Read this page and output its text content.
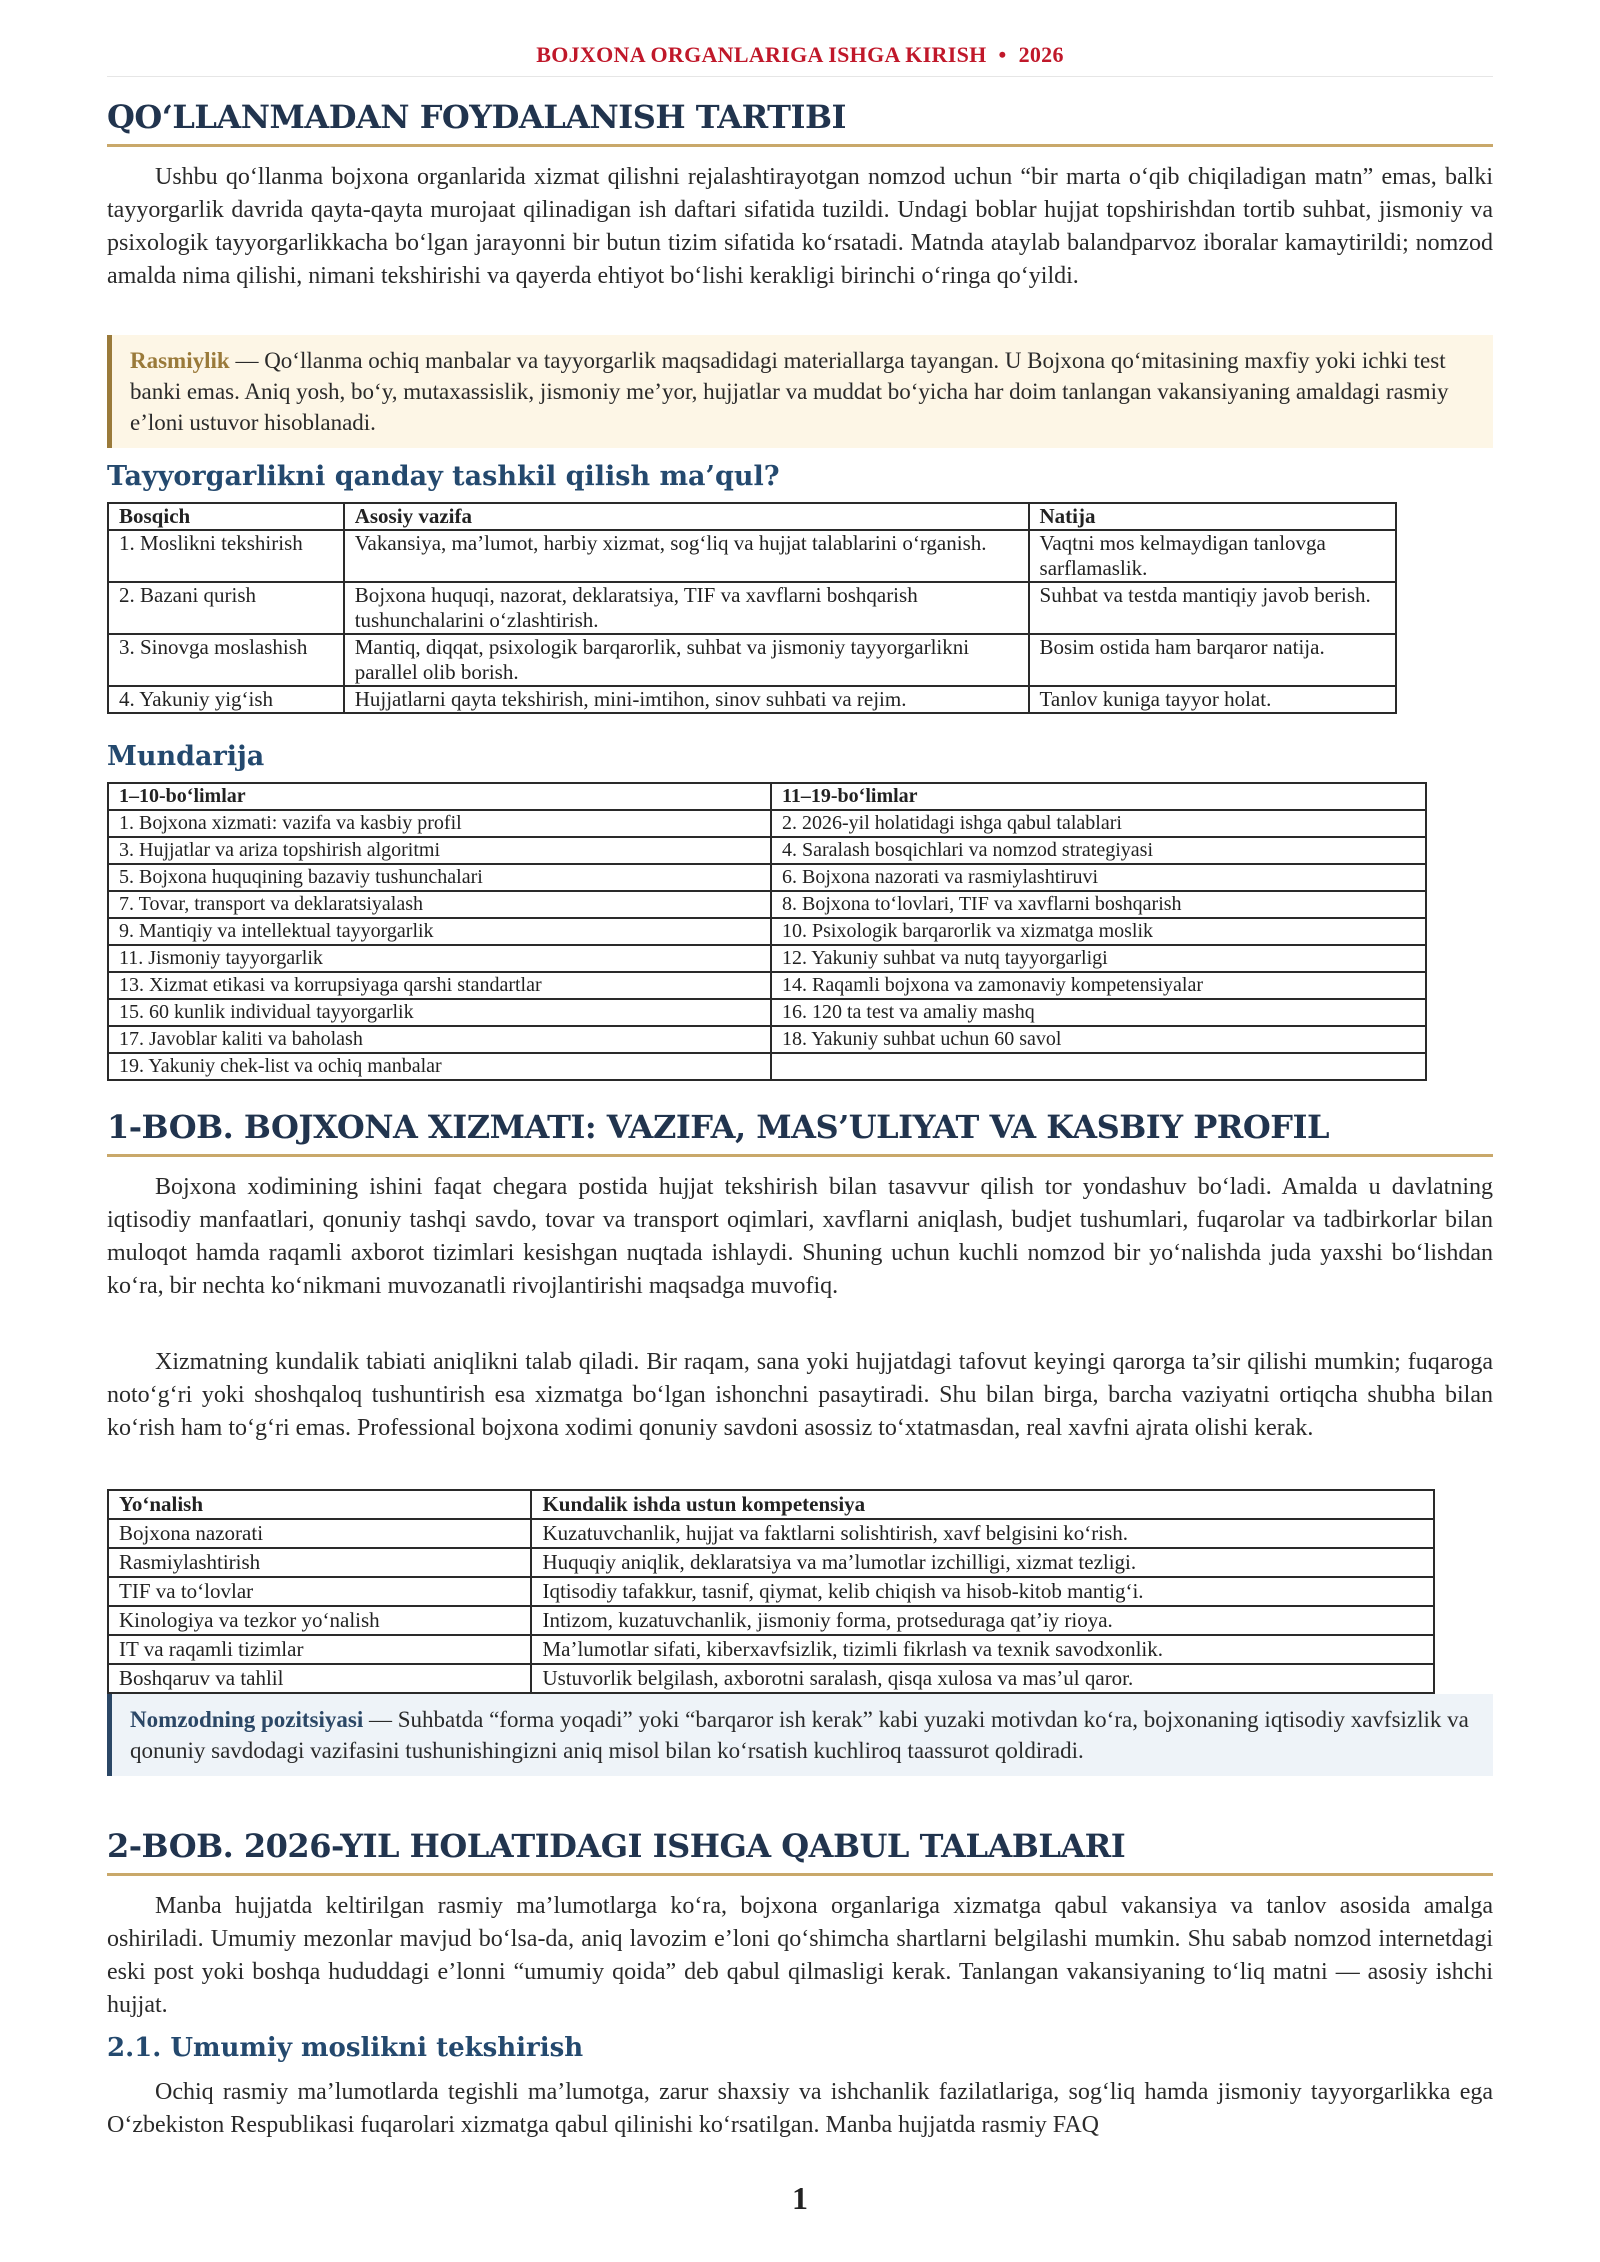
BOJXONA ORGANLARIGA ISHGA KIRISH • 2026
QO‘LLANMADAN FOYDALANISH TARTIBI

Ushbu qo‘llanma bojxona organlarida xizmat qilishni rejalashtirayotgan nomzod uchun “bir marta o‘qib chiqiladigan matn” emas, balki tayyorgarlik davrida qayta-qayta murojaat qilinadigan ish daftari sifatida tuzildi. Undagi boblar hujjat topshirishdan tortib suhbat, jismoniy va psixologik tayyorgarlikkacha bo‘lgan jarayonni bir butun tizim sifatida ko‘rsatadi. Matnda ataylab balandparvoz iboralar kamaytirildi; nomzod amalda nima qilishi, nimani tekshirishi va qayerda ehtiyot bo‘lishi kerakligi birinchi o‘ringa qo‘yildi.

Rasmiylik — Qo‘llanma ochiq manbalar va tayyorgarlik maqsadidagi materiallarga tayangan. U Bojxona qo‘mitasining maxfiy yoki ichki test banki emas. Aniq yosh, bo‘y, mutaxassislik, jismoniy me’yor, hujjatlar va muddat bo‘yicha har doim tanlangan vakansiyaning amaldagi rasmiy e’loni ustuvor hisoblanadi.
Tayyorgarlikni qanday tashkil qilish ma’qul?
Bosqich	Asosiy vazifa	Natija
1. Moslikni tekshirish	Vakansiya, ma’lumot, harbiy xizmat, sog‘liq va hujjat talablarini o‘rganish.	Vaqtni mos kelmaydigan tanlovga sarflamaslik.
2. Bazani qurish	Bojxona huquqi, nazorat, deklaratsiya, TIF va xavflarni boshqarish tushunchalarini o‘zlashtirish.	Suhbat va testda mantiqiy javob berish.
3. Sinovga moslashish	Mantiq, diqqat, psixologik barqarorlik, suhbat va jismoniy tayyorgarlikni parallel olib borish.	Bosim ostida ham barqaror natija.
4. Yakuniy yig‘ish	Hujjatlarni qayta tekshirish, mini-imtihon, sinov suhbati va rejim.	Tanlov kuniga tayyor holat.
Mundarija
1–10-bo‘limlar	11–19-bo‘limlar
1. Bojxona xizmati: vazifa va kasbiy profil	2. 2026-yil holatidagi ishga qabul talablari
3. Hujjatlar va ariza topshirish algoritmi	4. Saralash bosqichlari va nomzod strategiyasi
5. Bojxona huquqining bazaviy tushunchalari	6. Bojxona nazorati va rasmiylashtiruvi
7. Tovar, transport va deklaratsiyalash	8. Bojxona to‘lovlari, TIF va xavflarni boshqarish
9. Mantiqiy va intellektual tayyorgarlik	10. Psixologik barqarorlik va xizmatga moslik
11. Jismoniy tayyorgarlik	12. Yakuniy suhbat va nutq tayyorgarligi
13. Xizmat etikasi va korrupsiyaga qarshi standartlar	14. Raqamli bojxona va zamonaviy kompetensiyalar
15. 60 kunlik individual tayyorgarlik	16. 120 ta test va amaliy mashq
17. Javoblar kaliti va baholash	18. Yakuniy suhbat uchun 60 savol
19. Yakuniy chek-list va ochiq manbalar	
1-BOB. BOJXONA XIZMATI: VAZIFA, MAS’ULIYAT VA KASBIY PROFIL

Bojxona xodimining ishini faqat chegara postida hujjat tekshirish bilan tasavvur qilish tor yondashuv bo‘ladi. Amalda u davlatning iqtisodiy manfaatlari, qonuniy tashqi savdo, tovar va transport oqimlari, xavflarni aniqlash, budjet tushumlari, fuqarolar va tadbirkorlar bilan muloqot hamda raqamli axborot tizimlari kesishgan nuqtada ishlaydi. Shuning uchun kuchli nomzod bir yo‘nalishda juda yaxshi bo‘lishdan ko‘ra, bir nechta ko‘nikmani muvozanatli rivojlantirishi maqsadga muvofiq.

Xizmatning kundalik tabiati aniqlikni talab qiladi. Bir raqam, sana yoki hujjatdagi tafovut keyingi qarorga ta’sir qilishi mumkin; fuqaroga noto‘g‘ri yoki shoshqaloq tushuntirish esa xizmatga bo‘lgan ishonchni pasaytiradi. Shu bilan birga, barcha vaziyatni ortiqcha shubha bilan ko‘rish ham to‘g‘ri emas. Professional bojxona xodimi qonuniy savdoni asossiz to‘xtatmasdan, real xavfni ajrata olishi kerak.

Yo‘nalish	Kundalik ishda ustun kompetensiya
Bojxona nazorati	Kuzatuvchanlik, hujjat va faktlarni solishtirish, xavf belgisini ko‘rish.
Rasmiylashtirish	Huquqiy aniqlik, deklaratsiya va ma’lumotlar izchilligi, xizmat tezligi.
TIF va to‘lovlar	Iqtisodiy tafakkur, tasnif, qiymat, kelib chiqish va hisob-kitob mantig‘i.
Kinologiya va tezkor yo‘nalish	Intizom, kuzatuvchanlik, jismoniy forma, protseduraga qat’iy rioya.
IT va raqamli tizimlar	Ma’lumotlar sifati, kiberxavfsizlik, tizimli fikrlash va texnik savodxonlik.
Boshqaruv va tahlil	Ustuvorlik belgilash, axborotni saralash, qisqa xulosa va mas’ul qaror.
Nomzodning pozitsiyasi — Suhbatda “forma yoqadi” yoki “barqaror ish kerak” kabi yuzaki motivdan ko‘ra, bojxonaning iqtisodiy xavfsizlik va qonuniy savdodagi vazifasini tushunishingizni aniq misol bilan ko‘rsatish kuchliroq taassurot qoldiradi.
2-BOB. 2026-YIL HOLATIDAGI ISHGA QABUL TALABLARI

Manba hujjatda keltirilgan rasmiy ma’lumotlarga ko‘ra, bojxona organlariga xizmatga qabul vakansiya va tanlov asosida amalga oshiriladi. Umumiy mezonlar mavjud bo‘lsa-da, aniq lavozim e’loni qo‘shimcha shartlarni belgilashi mumkin. Shu sabab nomzod internetdagi eski post yoki boshqa hududdagi e’lonni “umumiy qoida” deb qabul qilmasligi kerak. Tanlangan vakansiyaning to‘liq matni — asosiy ishchi hujjat.

2.1. Umumiy moslikni tekshirish

Ochiq rasmiy ma’lumotlarda tegishli ma’lumotga, zarur shaxsiy va ishchanlik fazilatlariga, sog‘liq hamda jismoniy tayyorgarlikka ega O‘zbekiston Respublikasi fuqarolari xizmatga qabul qilinishi ko‘rsatilgan. Manba hujjatda rasmiy FAQ

1
